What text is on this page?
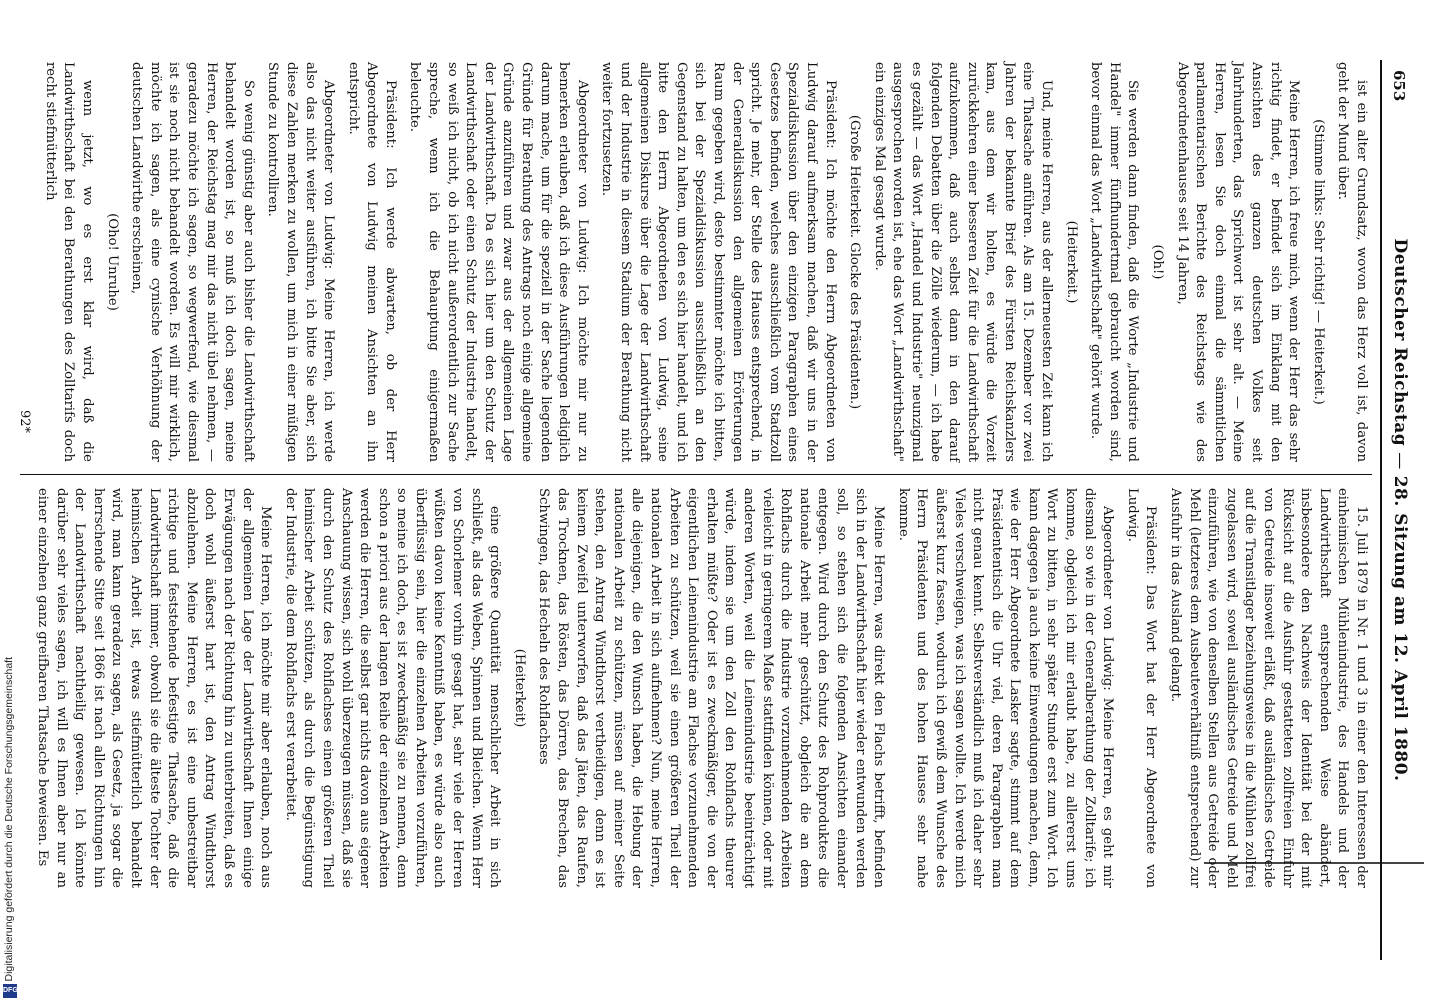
653
Deutscher Reichstag—28. Sitzung am 12. April 1880.

ist ein alter Grundsatz, wovon das Herz voll ist, davon geht der Mund über.

(Stimme links: Sehr richtig! — Heiterkeit.)

Meine Herren, ich freue mich, wenn der Herr das sehr richtig findet, er befindet sich im Einklang mit den Ansichten des ganzen deutschen Volkes seit Jahrhunderten, das Sprichwort ist sehr alt. — Meine Herren, lesen Sie doch einmal die sämmtlichen parlamentarischen Berichte des Reichstags wie des Abgeordnetenhauses seit 14 Jahren,

(Oh!)

Sie werden dann finden, daß die Worte „Industrie und Handel" immer fünfhundertmal gebraucht worden sind, bevor einmal das Wort „Landwirthschaft" gehört wurde.

(Heiterkeit.)

Und, meine Herren, aus der allerneuesten Zeit kann ich eine Thatsache anführen. Als am 15. Dezember vor zwei Jahren der bekannte Brief des Fürsten Reichskanzlers kam, aus dem wir holten, es würde die Vorzeit zurückkehren einer besseren Zeit für die Landwirthschaft aufzukommen, daß auch selbst dann in den darauf folgenden Debatten über die Zölle wiederum, — ich habe es gezählt — das Wort „Handel und Industrie" neunzigmal ausgesprochen worden ist, ehe das Wort „Landwirthschaft" ein einziges Mal gesagt wurde.

(Große Heiterkeit. Glocke des Präsidenten.)

Präsident: Ich möchte den Herrn Abgeordneten von Ludwig darauf aufmerksam machen, daß wir uns in der Spezialdiskussion über den einzigen Paragraphen eines Gesetzes befinden, welches ausschließlich vom Stadtzoll spricht. Je mehr, der Stelle des Hauses entsprechend, in der Generaldiskussion den allgemeinen Erörterungen Raum gegeben wird, desto bestimmter möchte ich bitten, sich bei der Spezialdiskussion ausschließlich an den Gegenstand zu halten, um den es sich hier handelt, und ich bitte den Herrn Abgeordneten von Ludwig, seine allgemeinen Diskurse über die Lage der Landwirthschaft und der Industrie in diesem Stadium der Berathung nicht weiter fortzusetzen.

Abgeordneter von Ludwig: Ich möchte mir nur zu bemerken erlauben, daß ich diese Ausführungen lediglich darum mache, um für die speziell in der Sache liegenden Gründe für Berathung des Antrags noch einige allgemeine Gründe anzuführen und zwar aus der allgemeinen Lage der Landwirthschaft. Da es sich hier um den Schutz der Landwirthschaft oder einen Schutz der Industrie handelt, so weiß ich nicht, ob ich nicht außerordentlich zur Sache spreche, wenn ich die Behauptung einigermaßen beleuchte.

Präsident: Ich werde abwarten, ob der Herr Abgeordnete von Ludwig meinen Ansichten an ihn entspricht.

Abgeordneter von Ludwig: Meine Herren, ich werde also das nicht weiter ausführen, ich bitte Sie aber, sich diese Zahlen merken zu wollen, um mich in einer müßigen Stunde zu kontrolliren.

So wenig günstig aber auch bisher die Landwirthschaft behandelt worden ist, so muß ich doch sagen, meine Herren, der Reichstag mag mir das nicht übel nehmen, — geradezu möchte ich sagen, so wegwerfend, wie diesmal ist sie noch nicht behandelt worden. Es will mir wirklich, möchte ich sagen, als eine cynische Verhöhnung der deutschen Landwirthe erscheinen,

(Oho! Unruhe)

wenn jetzt, wo es erst klar wird, daß die Landwirthschaft bei den Berathungen des Zolltarifs doch recht stiefmütterlich

15. Juli 1879 in Nr. 1 und 3 in einer den Interessen der einheimischen Mühlenindustrie, des Handels und der Landwirthschaft entsprechenden Weise abändert, insbesondere den Nachweis der Identität bei der mit Rücksicht auf die Ausfuhr gestatteten zollfreien Einfuhr von Getreide insoweit erläßt, daß ausländisches Getreide auf die Transitlager beziehungsweise in die Mühlen zollfrei zugelassen wird, soweil ausländisches Getreide und Mehl einzuführen, wie von denselben Stellen aus Getreide oder Mehl (letzteres dem Ausbeuteverhältniß entsprechend) zur Ausfuhr in das Ausland gelangt.

Präsident: Das Wort hat der Herr Abgeordnete von Ludwig.

Abgeordneter von Ludwig: Meine Herren, es geht mir diesmal so wie in der Generalberathung der Zolltarife; ich komme, obgleich ich mir erlaubt habe, zu allererst ums Wort zu bitten, in sehr später Stunde erst zum Wort. Ich kann dagegen ja auch keine Einwendungen machen, denn, wie der Herr Abgeordnete Lasker sagte, stimmt auf dem Präsidententisch die Uhr viel, deren Paragraphen man nicht genau kennt. Selbstverständlich muß ich daher sehr Vieles verschweigen, was ich sagen wollte. Ich werde mich äußerst kurz fassen, wodurch ich gewiß dem Wunsche des Herrn Präsidenten und des hohen Hauses sehr nahe komme.

Meine Herren, was direkt den Flachs betrifft, befinden sich in der Landwirthschaft hier wieder entwunden werden soll, so stehen sich die folgenden Ansichten einander entgegen. Wird durch den Schutz des Rohproduktes die nationale Arbeit mehr geschützt, obgleich die an dem Rohflachs durch die Industrie vorzunehmenden Arbeiten vielleicht in geringerem Maße stattfinden können, oder mit anderen Worten, weil die Leinenindustrie beeinträchtigt würde, indem sie um den Zoll den Rohflachs theurer erhalten müßte? Oder ist es zweckmäßiger, die von der eigentlichen Leinenindustrie am Flachse vorzunehmenden Arbeiten zu schützen, weil sie einen größeren Theil der nationalen Arbeit in sich aufnehmen? Nun, meine Herren, alle diejenigen, die den Wunsch haben, die Hebung der nationalen Arbeit zu schützen, müssen auf meiner Seite stehen, den Antrag Windthorst vertheidigen, denn es ist keinem Zweifel unterworfen, daß das Jäten, das Raufen, das Trocknen, das Rösten, das Dörren, das Brechen, das Schwingen, das Hecheln des Rohflachses

(Heiterkeit)

eine größere Quantität menschlicher Arbeit in sich schließt, als das Weben, Spinnen und Bleichen. Wenn Herr von Schorlemer vorhin gesagt hat, sehr viele der Herren wüßten davon keine Kenntniß haben, es würde also auch überflüssig sein, hier die einzelnen Arbeiten vorzuführen, so meine ich doch, es ist zweckmäßig sie zu nennen, denn schon a priori aus der langen Reihe der einzelnen Arbeiten werden die Herren, die selbst gar nichts davon aus eigener Anschauung wissen, sich wohl überzeugen müssen, daß sie durch den Schutz des Rohflachses einen größeren Theil heimischer Arbeit schützen, als durch die Begünstigung der Industrie, die dem Rohflachs erst verarbeitet.

Meine Herren, ich möchte mir aber erlauben, noch aus der allgemeinen Lage der Landwirthschaft Ihnen einige Erwägungen nach der Richtung hin zu unterbreiten, daß es doch wohl äußerst hart ist, den Antrag Windthorst abzulehnen. Meine Herren, es ist eine unbestreitbar richtige und feststehende befestigte Thatsache, daß die Landwirthschaft immer, obwohl sie die älteste Tochter der heimischen Arbeit ist, etwas stiefmütterlich behandelt wird, man kann geradezu sagen, als Gesetz, ja sogar die herrschende Sitte seit 1866 ist nach allen Richtungen hin der Landwirthschaft nachtheilig gewesen. Ich könnte darüber sehr vieles sagen, ich will es Ihnen aber nur an einer einzelnen ganz greifbaren Thatsache beweisen. Es

92*
Digitalisierung gefördert durch die Deutsche Forschungsgemeinschaft
DFG
